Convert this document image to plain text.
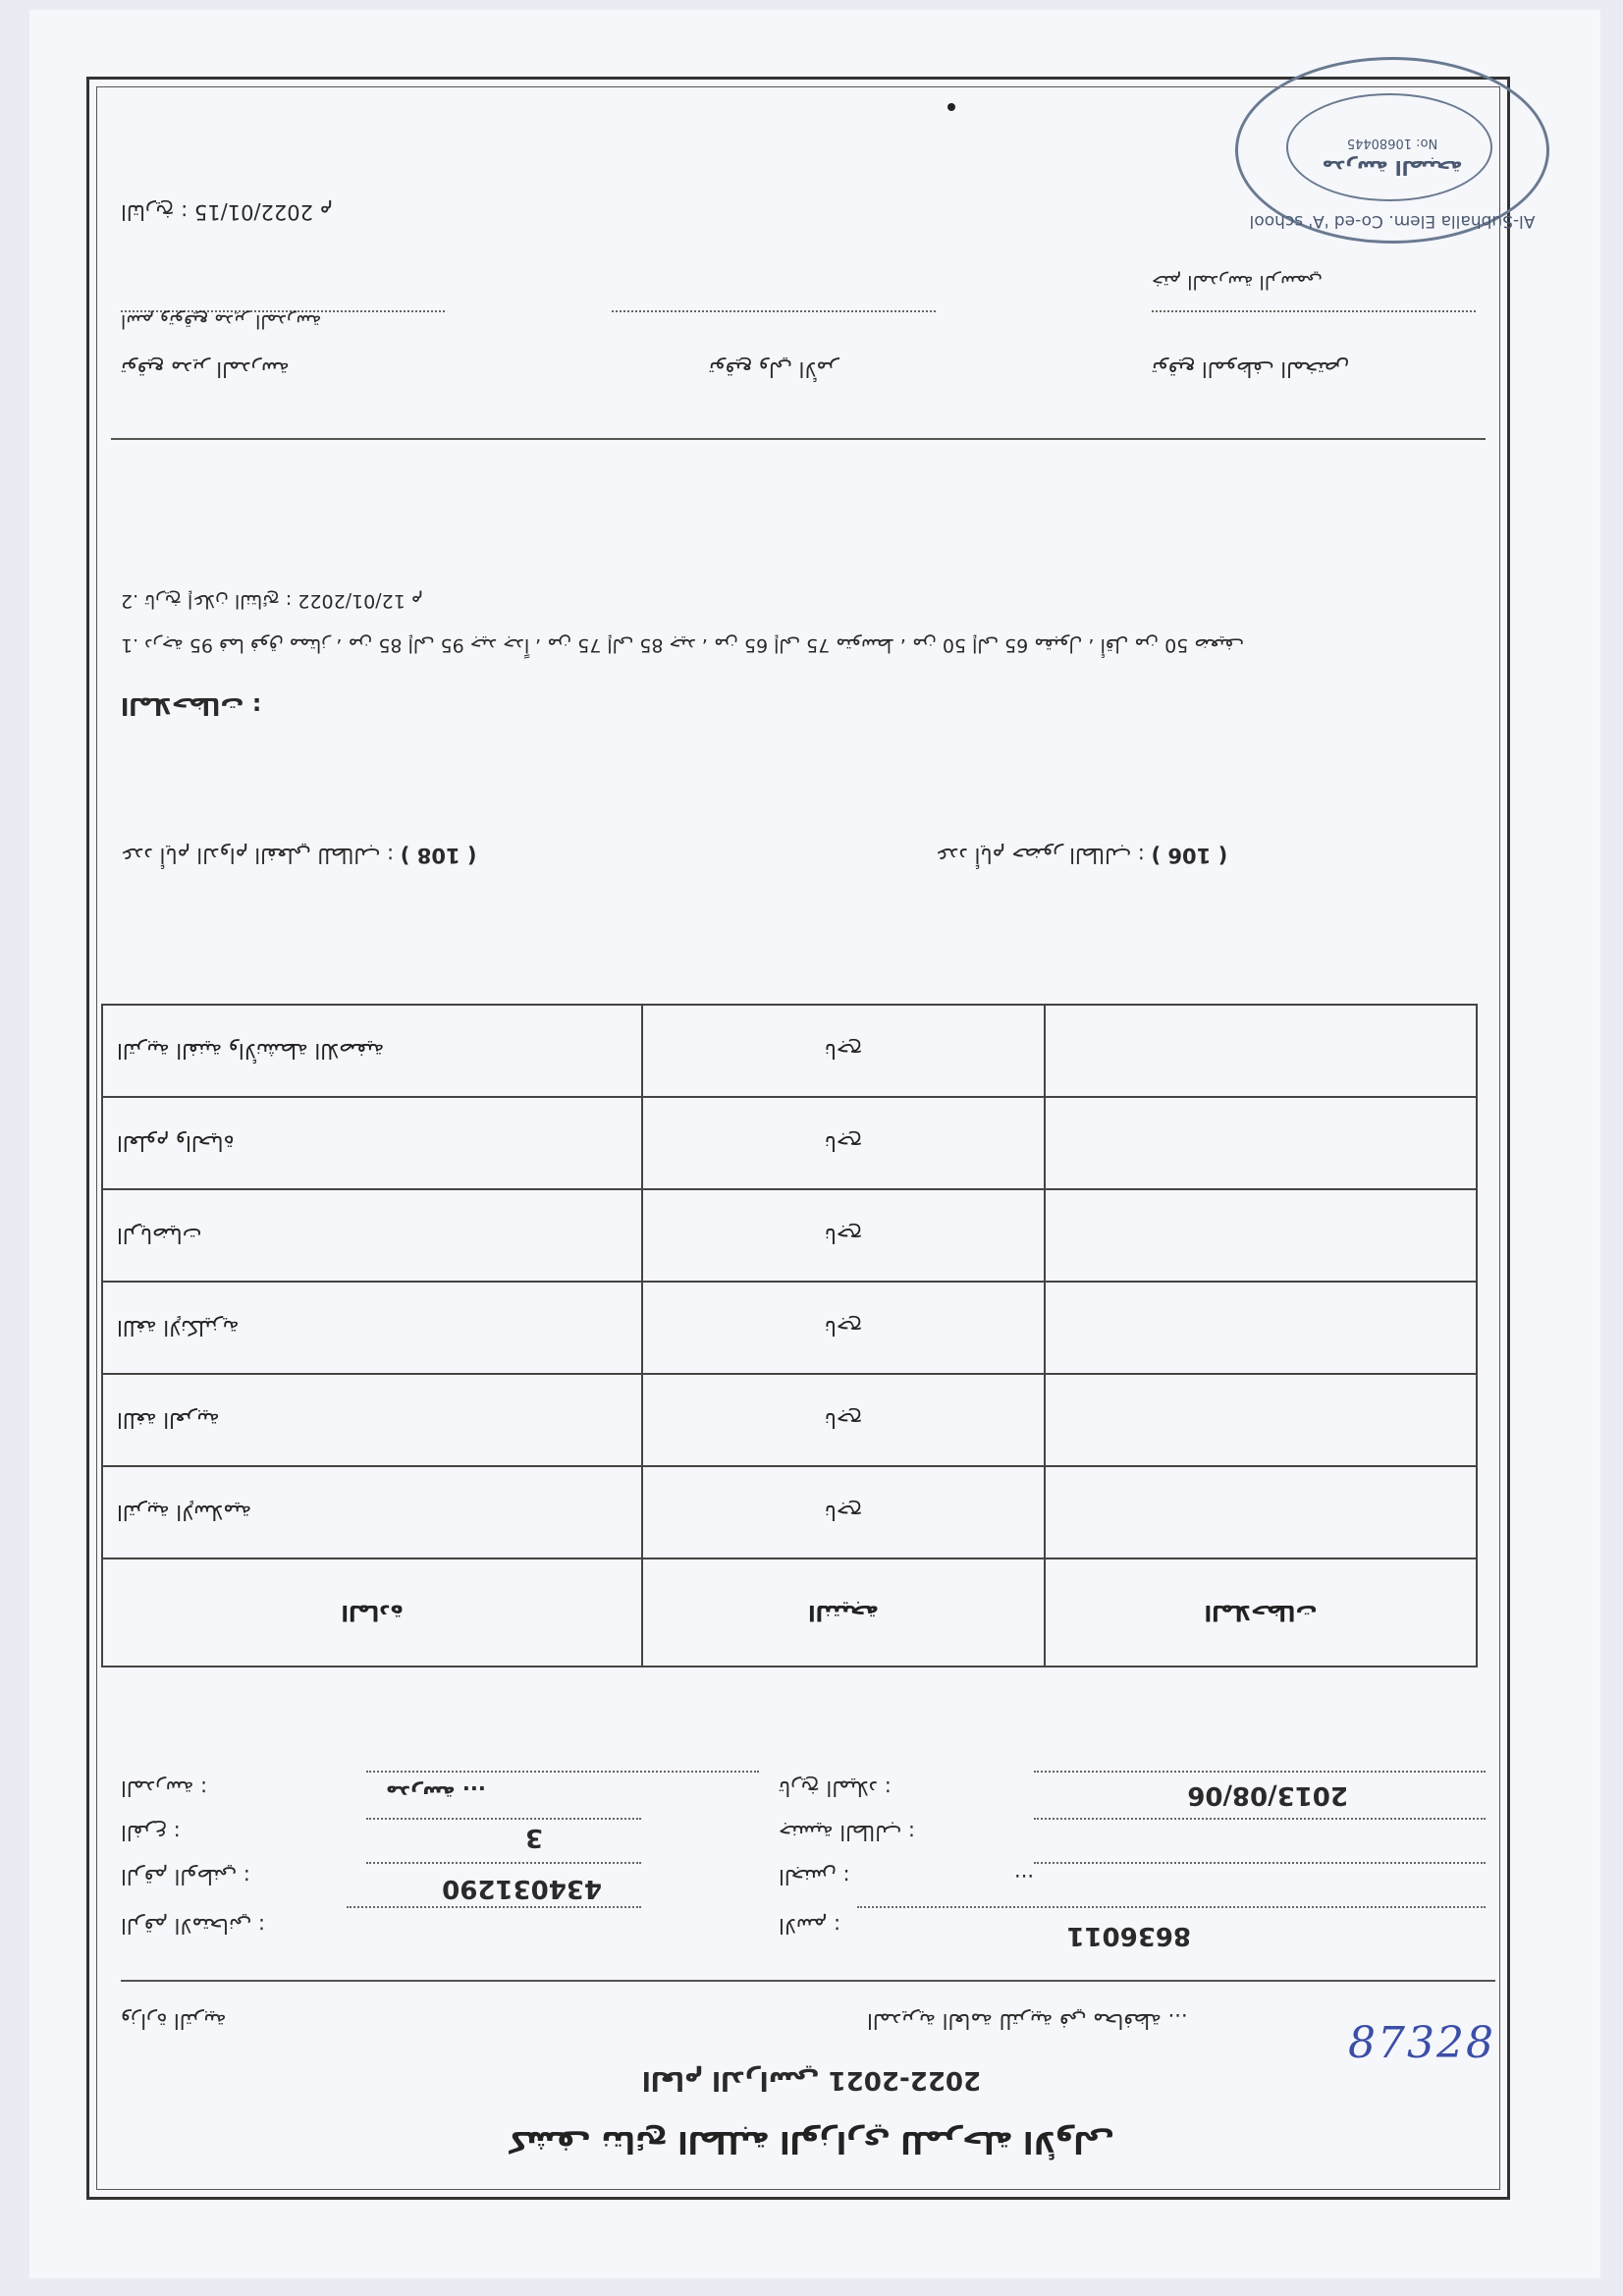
كشف نتائج الطلبة الوزاري للمرحلة الأولى
العام الدراسي 2021-2022
وزارة التربية	المديرية العامة للتربية في محافظة ...	87328
الرقم الامتحاني :	8636011
الاسم :
الرقم الوطني :	434031290	الجنس :	...
الفرع :	3	جنسية الطالب :
المدرسة :	مدرسة ...	تاريخ الميلاد :	2013/08/06
المادة	النتيجة	الملاحظات
التربية الإسلامية	ناجح	
اللغة العربية	ناجح	
اللغة الإنكليزية	ناجح	
الرياضيات	ناجح	
العلوم والحياة	ناجح	
التربية الفنية والأنشطة اللاصفية	ناجح	
عدد أيام الدوام الفعلي للطالب :	( 108 )	عدد أيام حضور الطالب :	( 106 )
الملاحظات :
1. درجة 95 فما فوق ممتاز ، من 85 إلى 95 جيد جداً ، من 75 إلى 85 جيد ، من 65 إلى 75 متوسط ، من 50 إلى 65 مقبول ، أقل من 50 ضعيف
2. تاريخ إعلان النتائج : 12/01/2022 م
توقيع مدير المدرسة	توقيع ولي الأمر	توقيع الموظف المختص
اسم وتوقيع مدير المدرسة
ختم المدرسة الرسمي
التاريخ : 2022/01/15 م	Al-Subhalla Elem. Co-ed 'A' school
مدرسة الصبحة
No: 10680445
